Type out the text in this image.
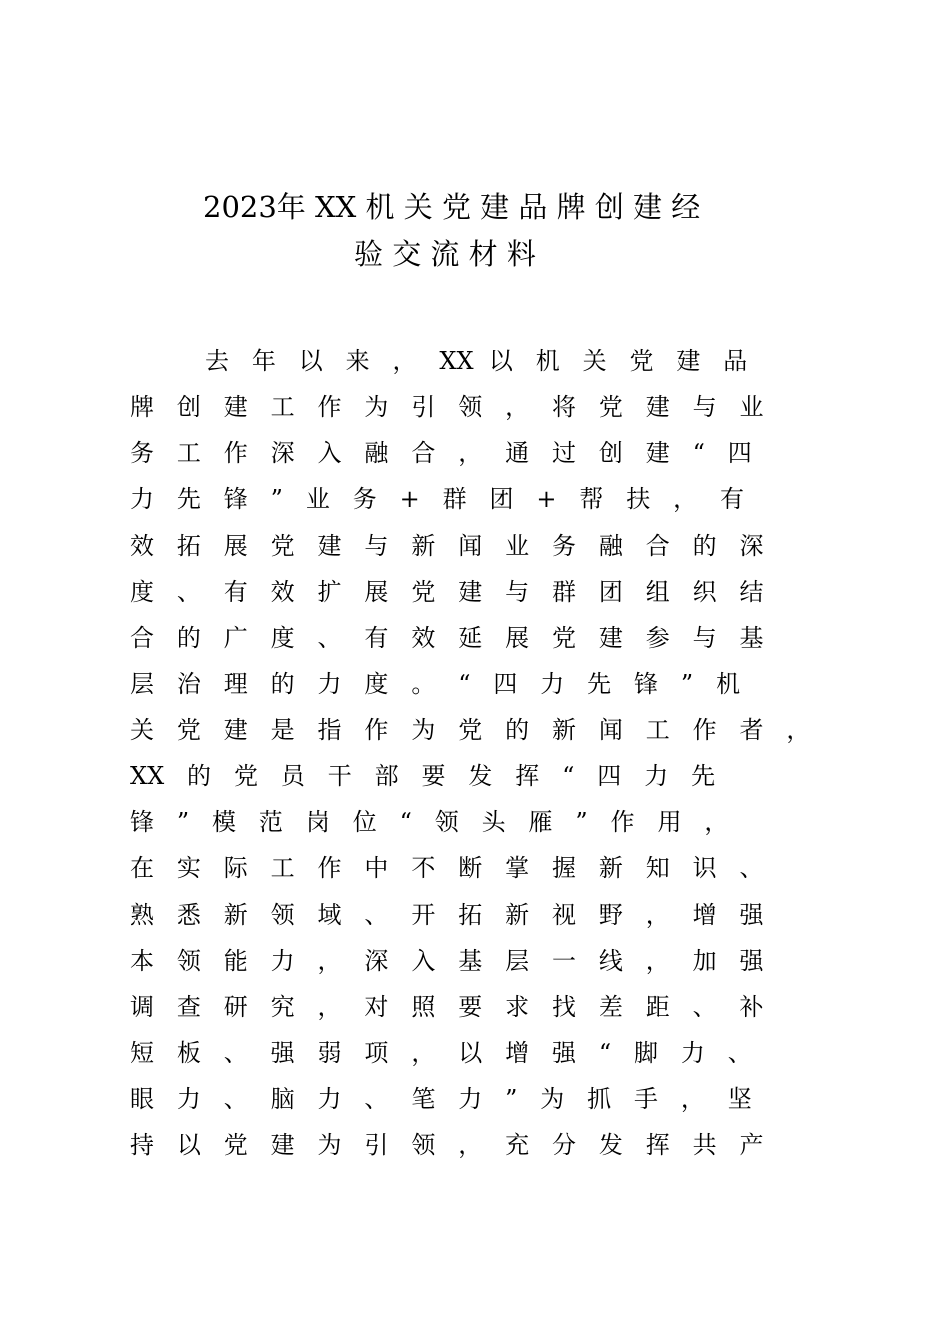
2023年 XX 机 关 党 建 品 牌 创 建 经
验 交 流 材 料

去   年   以   来   ，   XX  以   机   关   党   建   品

牌   创   建   工   作   为   引   领   ，   将   党   建   与   业

务   工   作   深   入   融   合   ，   通   过   创   建   “   四

力   先   锋   ”   业   务   +   群   团   +   帮   扶   ，   有

效   拓   展   党   建   与   新   闻   业   务   融   合   的   深

度   、   有   效   扩   展   党   建   与   群   团   组   织   结

合   的   广   度   、   有   效   延   展   党   建   参   与   基

层   治   理   的   力   度   。   “   四   力   先   锋   ”   机

关   党   建   是   指   作   为   党   的   新   闻   工   作   者   ，

XX   的   党   员   干   部   要   发   挥   “   四   力   先

锋   ”   模   范   岗   位   “   领   头   雁   ”   作   用   ，

在   实   际   工   作   中   不   断   掌   握   新   知   识   、

熟   悉   新   领   域   、   开   拓   新   视   野   ，   增   强

本   领   能   力   ，   深   入   基   层   一   线   ，   加   强

调   查   研   究   ，   对   照   要   求   找   差   距   、   补

短   板   、   强   弱   项   ，   以   增   强   “   脚   力   、

眼   力   、   脑   力   、   笔   力   ”   为   抓   手   ，   坚

持   以   党   建   为   引   领   ，   充   分   发   挥   共   产
